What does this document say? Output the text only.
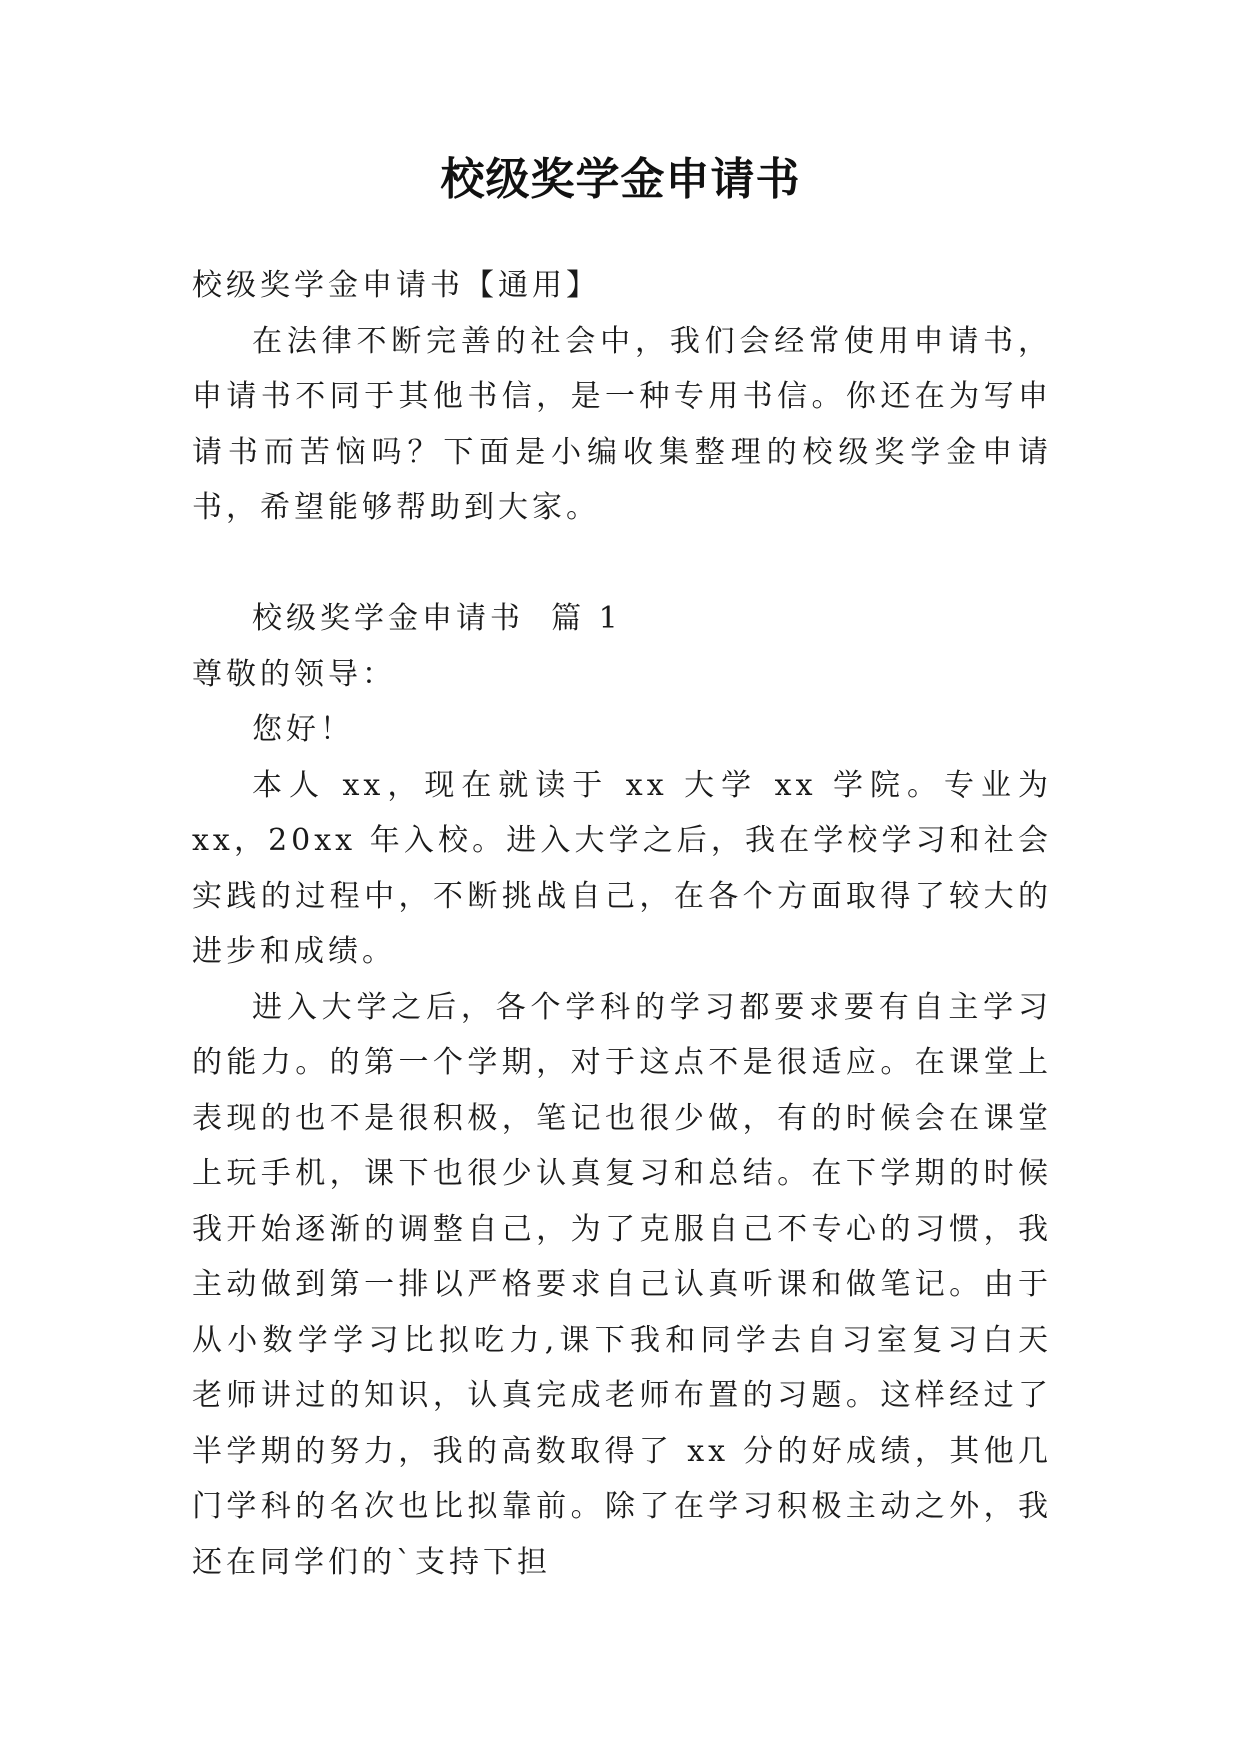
校级奖学金申请书

校级奖学金申请书【通用】

在法律不断完善的社会中，我们会经常使用申请书，申请书不同于其他书信，是一种专用书信。你还在为写申请书而苦恼吗？下面是小编收集整理的校级奖学金申请书，希望能够帮助到大家。

校级奖学金申请书  篇 1

尊敬的领导：

您好！

本人 xx，现在就读于 xx 大学 xx 学院。专业为 xx，20xx 年入校。进入大学之后，我在学校学习和社会实践的过程中，不断挑战自己，在各个方面取得了较大的进步和成绩。

进入大学之后，各个学科的学习都要求要有自主学习的能力。的第一个学期，对于这点不是很适应。在课堂上表现的也不是很积极，笔记也很少做，有的时候会在课堂上玩手机，课下也很少认真复习和总结。在下学期的时候我开始逐渐的调整自己，为了克服自己不专心的习惯，我主动做到第一排以严格要求自己认真听课和做笔记。由于从小数学学习比拟吃力,课下我和同学去自习室复习白天老师讲过的知识，认真完成老师布置的习题。这样经过了半学期的努力，我的高数取得了 xx 分的好成绩，其他几门学科的名次也比拟靠前。除了在学习积极主动之外，我还在同学们的`支持下担
